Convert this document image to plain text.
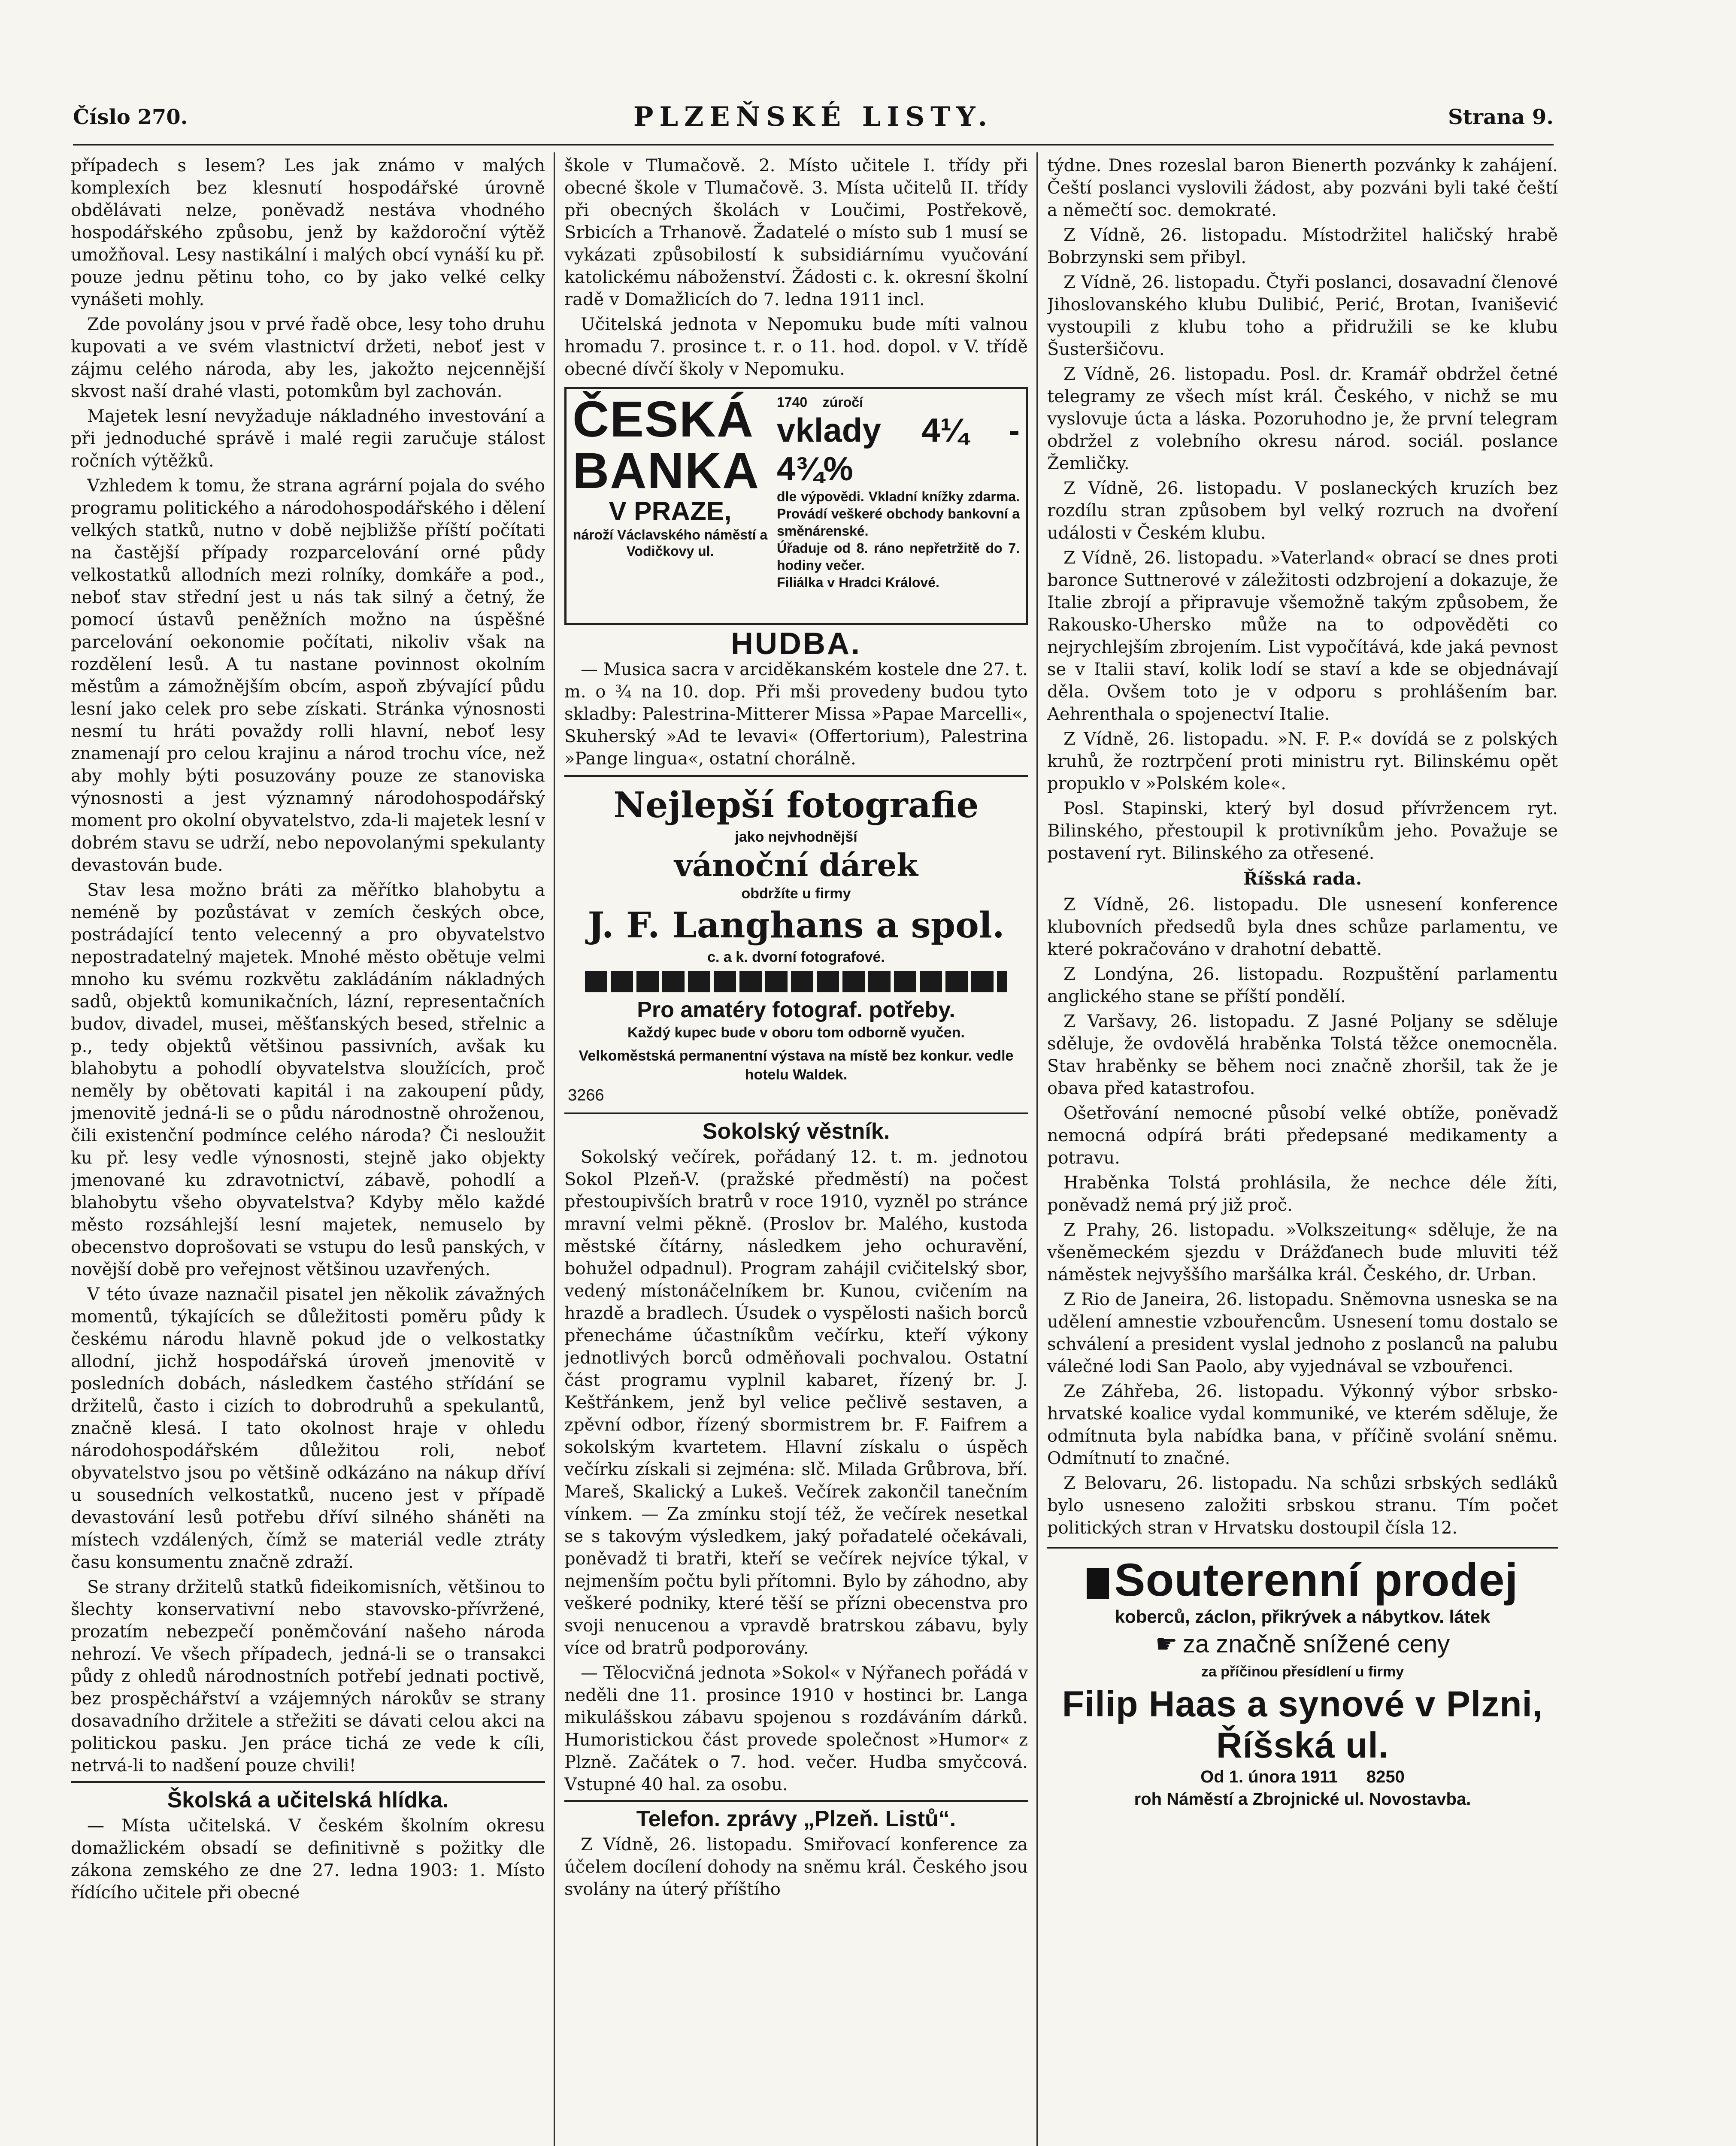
Číslo 270.	PLZEŇSKÉ LISTY.	Strana 9.

případech s lesem? Les jak známo v malých komplexích bez klesnutí hospodářské úrovně obdělávati nelze, poněvadž nestáva vhodného hospodářského způsobu, jenž by každoroční výtěž umožňoval. Lesy nastikální i malých obcí vynáší ku př. pouze jednu pětinu toho, co by jako velké celky vynášeti mohly.

Zde povolány jsou v prvé řadě obce, lesy toho druhu kupovati a ve svém vlastnictví držeti, neboť jest v zájmu celého národa, aby les, jakožto nejcennější skvost naší drahé vlasti, potomkům byl zachován.

Majetek lesní nevyžaduje nákladného investování a při jednoduché správě i malé regii zaručuje stálost ročních výtěžků.

Vzhledem k tomu, že strana agrární pojala do svého programu politického a národohospodářského i dělení velkých statků, nutno v době nejbližše příští počítati na častější případy rozparcelování orné půdy velkostatků allodních mezi rolníky, domkáře a pod., neboť stav střední jest u nás tak silný a četný, že pomocí ústavů peněžních možno na úspěšné parcelování oekonomie počítati, nikoliv však na rozdělení lesů. A tu nastane povinnost okolním městům a zámožnějším obcím, aspoň zbývající půdu lesní jako celek pro sebe získati. Stránka výnosnosti nesmí tu hráti považdy rolli hlavní, neboť lesy znamenají pro celou krajinu a národ trochu více, než aby mohly býti posuzovány pouze ze stanoviska výnosnosti a jest významný národohospodářský moment pro okolní obyvatelstvo, zda-li majetek lesní v dobrém stavu se udrží, nebo nepovolanými spekulanty devastován bude.

Stav lesa možno bráti za měřítko blahobytu a neméně by pozůstávat v zemích českých obce, postrádající tento velecenný a pro obyvatelstvo nepostradatelný majetek. Mnohé město obětuje velmi mnoho ku svému rozkvětu zakládáním nákladných sadů, objektů komunikačních, lázní, representačních budov, divadel, musei, měšťanských besed, střelnic a p., tedy objektů většinou passivních, avšak ku blahobytu a pohodlí obyvatelstva sloužících, proč neměly by obětovati kapitál i na zakoupení půdy, jmenovitě jedná-li se o půdu národnostně ohroženou, čili existenční podmínce celého národa? Či nesloužit ku př. lesy vedle výnosnosti, stejně jako objekty jmenované ku zdravotnictví, zábavě, pohodlí a blahobytu všeho obyvatelstva? Kdyby mělo každé město rozsáhlejší lesní majetek, nemuselo by obecenstvo doprošovati se vstupu do lesů panských, v novější době pro veřejnost většinou uzavřených.

V této úvaze naznačil pisatel jen několik závažných momentů, týkajících se důležitosti poměru půdy k českému národu hlavně pokud jde o velkostatky allodní, jichž hospodářská úroveň jmenovitě v posledních dobách, následkem častého střídání se držitelů, často i cizích to dobrodruhů a spekulantů, značně klesá. I tato okolnost hraje v ohledu národohospodářském důležitou roli, neboť obyvatelstvo jsou po většině odkázáno na nákup dříví u sousedních velkostatků, nuceno jest v případě devastování lesů potřebu dříví silného sháněti na místech vzdálených, čímž se materiál vedle ztráty času konsumentu značně zdraží.

Se strany držitelů statků fideikomisních, většinou to šlechty konservativní nebo stavovsko-přívržené, prozatím nebezpečí poněmčování našeho národa nehrozí. Ve všech případech, jedná-li se o transakci půdy z ohledů národnostních potřebí jednati poctivě, bez prospěchářství a vzájemných nárokův se strany dosavadního držitele a střežiti se dávati celou akci na politickou pasku. Jen práce tichá ze vede k cíli, netrvá-li to nadšení pouze chvili!

Školská a učitelská hlídka.

— Místa učitelská. V českém školním okresu domažlickém obsadí se definitivně s požitky dle zákona zemského ze dne 27. ledna 1903: 1. Místo řídícího učitele při obecné

škole v Tlumačově. 2. Místo učitele I. třídy při obecné škole v Tlumačově. 3. Místa učitelů II. třídy při obecných školách v Loučimi, Postřekově, Srbicích a Trhanově. Žadatelé o místo sub 1 musí se vykázati způsobilostí k subsidiárnímu vyučování katolickému náboženství. Žádosti c. k. okresní školní radě v Domažlicích do 7. ledna 1911 incl.

Učitelská jednota v Nepomuku bude míti valnou hromadu 7. prosince t. r. o 11. hod. dopol. v V. třídě obecné dívčí školy v Nepomuku.

ČESKÁ
BANKA
V PRAZE,
nároží Václavského náměstí a Vodičkovy ul.
1740 zúročí
vklady 4¼ - 4¾%
dle výpovědi. Vkladní knížky zdarma. Provádí veškeré obchody bankovní a směnárenské.
Úřaduje od 8. ráno nepřetržitě do 7. hodiny večer.
Filiálka v Hradci Králové.
HUDBA.

— Musica sacra v arciděkanském kostele dne 27. t. m. o ¾ na 10. dop. Při mši provedeny budou tyto skladby: Palestrina-Mitterer Missa »Papae Marcelli«, Skuherský »Ad te levavi« (Offertorium), Palestrina »Pange lingua«, ostatní chorálně.

Nejlepší fotografie
jako nejvhodnější
vánoční dárek
obdržíte u firmy
J. F. Langhans a spol.
c. a k. dvorní fotografové.
Pro amatéry fotograf. potřeby.
Každý kupec bude v oboru tom odborně vyučen.
Velkoměstská permanentní výstava na místě bez konkur. vedle hotelu Waldek.
3266
Sokolský věstník.

Sokolský večírek, pořádaný 12. t. m. jednotou Sokol Plzeň-V. (pražské předměstí) na počest přestoupivších bratrů v roce 1910, vyzněl po stránce mravní velmi pěkně. (Proslov br. Malého, kustoda městské čítárny, následkem jeho ochuravění, bohužel odpadnul). Program zahájil cvičitelský sbor, vedený místonáčelníkem br. Kunou, cvičením na hrazdě a bradlech. Úsudek o vyspělosti našich borců přenecháme účastníkům večírku, kteří výkony jednotlivých borců odměňovali pochvalou. Ostatní část programu vyplnil kabaret, řízený br. J. Keštřánkem, jenž byl velice pečlivě sestaven, a zpěvní odbor, řízený sbormistrem br. F. Faifrem a sokolským kvartetem. Hlavní získalu o úspěch večírku získali si zejména: slč. Milada Grůbrova, bří. Mareš, Skalický a Lukeš. Večírek zakončil tanečním vínkem. — Za zmínku stojí též, že večírek nesetkal se s takovým výsledkem, jaký pořadatelé očekávali, poněvadž ti bratři, kteří se večírek nejvíce týkal, v nejmenším počtu byli přítomni. Bylo by záhodno, aby veškeré podniky, které těší se přízni obecenstva pro svoji nenucenou a vpravdě bratrskou zábavu, byly více od bratrů podporovány.

— Tělocvičná jednota »Sokol« v Nýřanech pořádá v neděli dne 11. prosince 1910 v hostinci br. Langa mikulášskou zábavu spojenou s rozdáváním dárků. Humoristickou část provede společnost »Humor« z Plzně. Začátek o 7. hod. večer. Hudba smyčcová. Vstupné 40 hal. za osobu.

Telefon. zprávy „Plzeň. Listů“.

Z Vídně, 26. listopadu. Smiřovací konference za účelem docílení dohody na sněmu král. Českého jsou svolány na úterý příštího

týdne. Dnes rozeslal baron Bienerth pozvánky k zahájení. Čeští poslanci vyslovili žádost, aby pozváni byli také čeští a němečtí soc. demokraté.

Z Vídně, 26. listopadu. Místodržitel haličský hrabě Bobrzynski sem přibyl.

Z Vídně, 26. listopadu. Čtyři poslanci, dosavadní členové Jihoslovanského klubu Dulibić, Perić, Brotan, Ivanišević vystoupili z klubu toho a přidružili se ke klubu Šusteršičovu.

Z Vídně, 26. listopadu. Posl. dr. Kramář obdržel četné telegramy ze všech míst král. Českého, v nichž se mu vyslovuje úcta a láska. Pozoruhodno je, že první telegram obdržel z volebního okresu národ. sociál. poslance Žemličky.

Z Vídně, 26. listopadu. V poslaneckých kruzích bez rozdílu stran způsobem byl velký rozruch na dvoření události v Českém klubu.

Z Vídně, 26. listopadu. »Vaterland« obrací se dnes proti baronce Suttnerové v záležitosti odzbrojení a dokazuje, že Italie zbrojí a připravuje všemožně takým způsobem, že Rakousko-Uhersko může na to odpověděti co nejrychlejším zbrojením. List vypočítává, kde jaká pevnost se v Italii staví, kolik lodí se staví a kde se objednávají děla. Ovšem toto je v odporu s prohlášením bar. Aehrenthala o spojenectví Italie.

Z Vídně, 26. listopadu. »N. F. P.« dovídá se z polských kruhů, že roztrpčení proti ministru ryt. Bilinskému opět propuklo v »Polském kole«.

Posl. Stapinski, který byl dosud přívržencem ryt. Bilinského, přestoupil k protivníkům jeho. Považuje se postavení ryt. Bilinského za otřesené.

Říšská rada.

Z Vídně, 26. listopadu. Dle usnesení konference klubovních předsedů byla dnes schůze parlamentu, ve které pokračováno v drahotní debattě.

Z Londýna, 26. listopadu. Rozpuštění parlamentu anglického stane se příští pondělí.

Z Varšavy, 26. listopadu. Z Jasné Poljany se sděluje sděluje, že ovdovělá hraběnka Tolstá těžce onemocněla. Stav hraběnky se během noci značně zhoršil, tak že je obava před katastrofou.

Ošetřování nemocné působí velké obtíže, poněvadž nemocná odpírá bráti předepsané medikamenty a potravu.

Hraběnka Tolstá prohlásila, že nechce déle žíti, poněvadž nemá prý již proč.

Z Prahy, 26. listopadu. »Volkszeitung« sděluje, že na všeněmeckém sjezdu v Drážďanech bude mluviti též náměstek nejvyššího maršálka král. Českého, dr. Urban.

Z Rio de Janeira, 26. listopadu. Sněmovna usneska se na udělení amnestie vzbouřencům. Usnesení tomu dostalo se schválení a president vyslal jednoho z poslanců na palubu válečné lodi San Paolo, aby vyjednával se vzbouřenci.

Ze Záhřeba, 26. listopadu. Výkonný výbor srbsko-hrvatské koalice vydal kommuniké, ve kterém sděluje, že odmítnuta byla nabídka bana, v příčině svolání sněmu. Odmítnutí to značné.

Z Belovaru, 26. listopadu. Na schůzi srbských sedláků bylo usneseno založiti srbskou stranu. Tím počet politických stran v Hrvatsku dostoupil čísla 12.

Souterenní prodej
koberců, záclon, přikrývek a nábytkov. látek
☛ za značně snížené ceny
za příčinou přesídlení u firmy
Filip Haas a synové v Plzni, Říšská ul.
Od 1. února 1911 8250
roh Náměstí a Zbrojnické ul. Novostavba.
